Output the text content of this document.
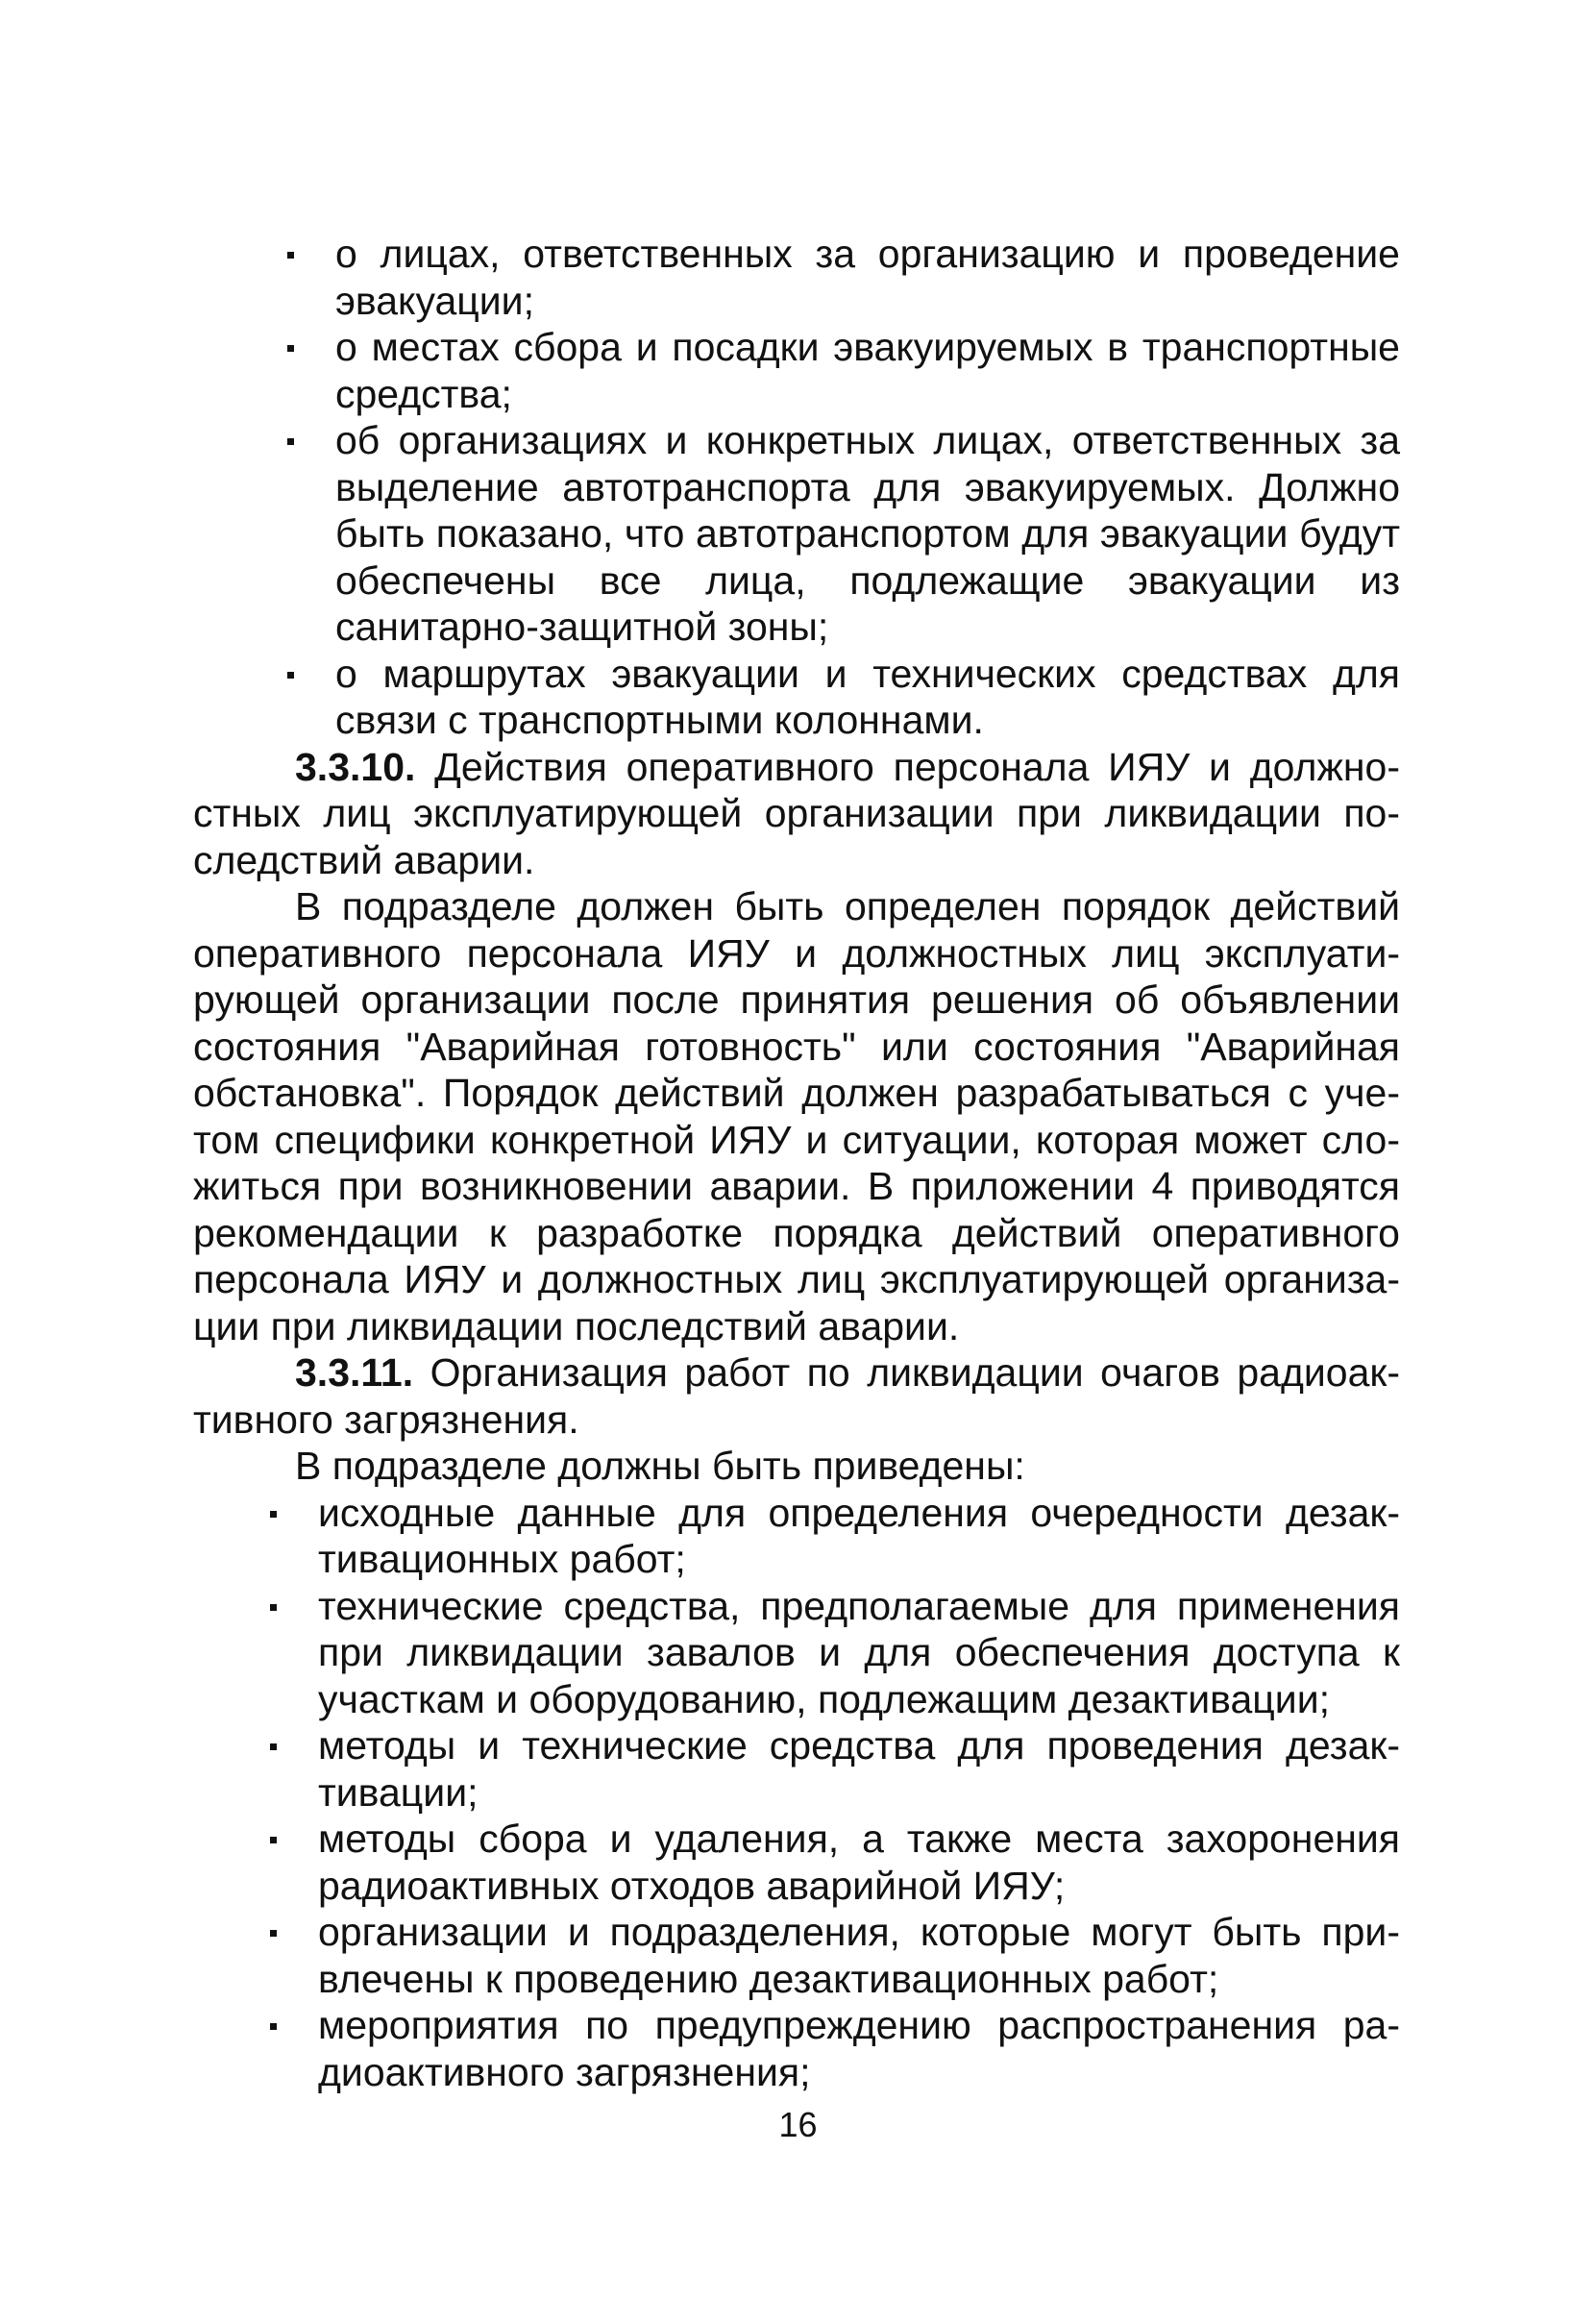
о лицах, ответственных за организацию и проведение эвакуации;
о местах сбора и посадки эвакуируемых в транспортные средства;
об организациях и конкретных лицах, ответственных за выделение автотранспорта для эвакуируемых. Должно быть показано, что автотранспортом для эвакуации будут обеспечены все лица, подлежащие эвакуации из санитарно-защитной зоны;
о маршрутах эвакуации и технических средствах для связи с транспортными колоннами.

3.3.10. Действия оперативного персонала ИЯУ и должностных лиц эксплуатирующей организации при ликвидации последствий аварии.

В подразделе должен быть определен порядок действий оперативного персонала ИЯУ и должностных лиц эксплуатирующей организации после принятия решения об объявлении состояния "Аварийная готовность" или состояния "Аварийная обстановка". Порядок действий должен разрабатываться с учетом специфики конкретной ИЯУ и ситуации, которая может сложиться при возникновении аварии. В приложении 4 приводятся рекомендации к разработке порядка действий оперативного персонала ИЯУ и должностных лиц эксплуатирующей организации при ликвидации последствий аварии.

3.3.11. Организация работ по ликвидации очагов радиоактивного загрязнения.

В подразделе должны быть приведены:

исходные данные для определения очередности дезактивационных работ;
технические средства, предполагаемые для применения при ликвидации завалов и для обеспечения доступа к участкам и оборудованию, подлежащим дезактивации;
методы и технические средства для проведения дезактивации;
методы сбора и удаления, а также места захоронения радиоактивных отходов аварийной ИЯУ;
организации и подразделения, которые могут быть привлечены к проведению дезактивационных работ;
мероприятия по предупреждению распространения радиоактивного загрязнения;
16
